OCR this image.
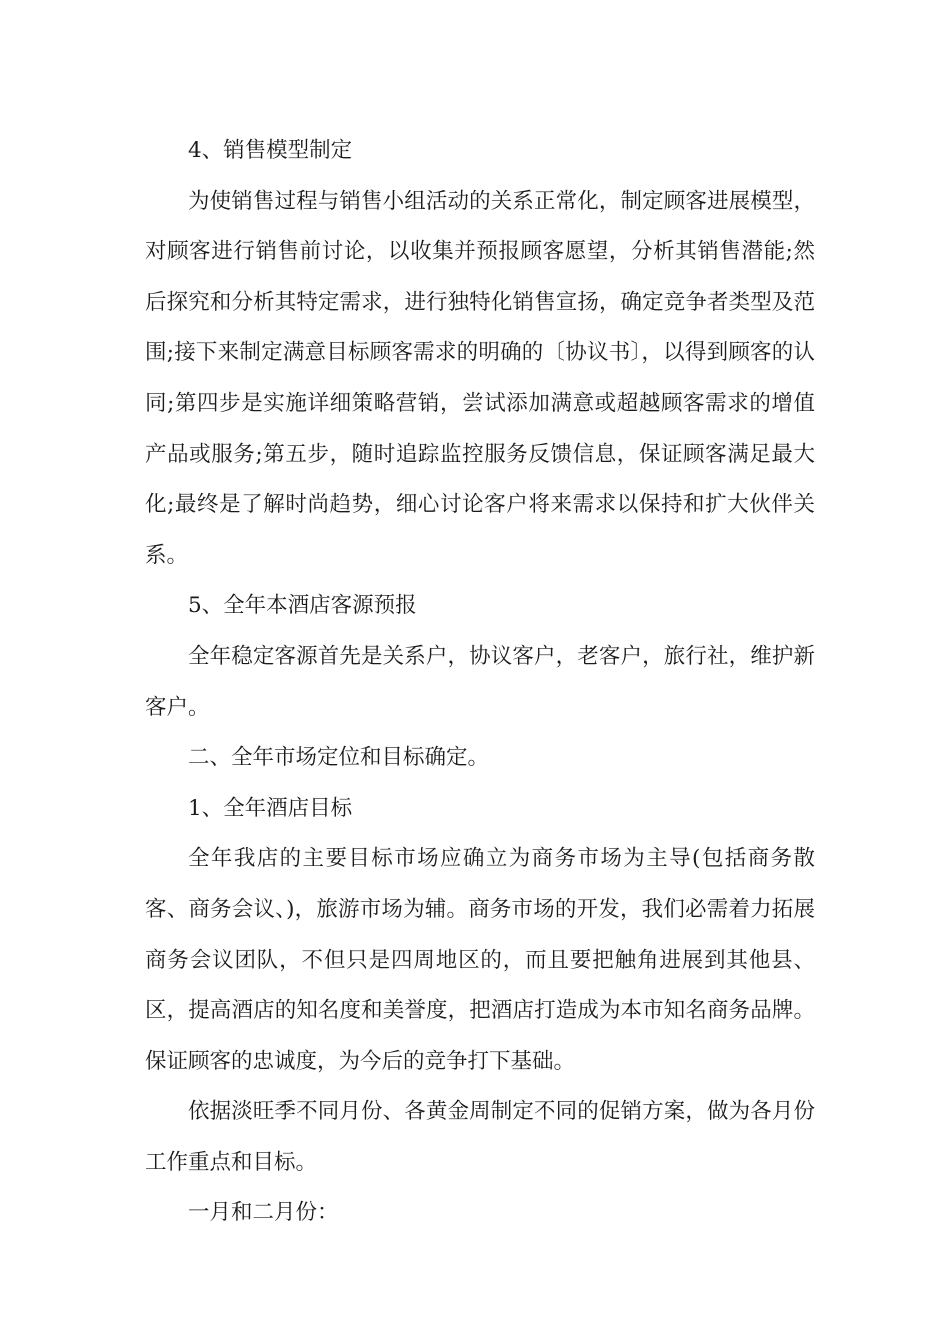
4、销售模型制定

为使销售过程与销售小组活动的关系正常化，制定顾客进展模型，对顾客进行销售前讨论，以收集并预报顾客愿望，分析其销售潜能;然后探究和分析其特定需求，进行独特化销售宣扬，确定竞争者类型及范围;接下来制定满意目标顾客需求的明确的〔协议书〕，以得到顾客的认同;第四步是实施详细策略营销，尝试添加满意或超越顾客需求的增值产品或服务;第五步，随时追踪监控服务反馈信息，保证顾客满足最大化;最终是了解时尚趋势，细心讨论客户将来需求以保持和扩大伙伴关系。

5、全年本酒店客源预报

全年稳定客源首先是关系户，协议客户，老客户，旅行社，维护新客户。

二、全年市场定位和目标确定。

1、全年酒店目标

全年我店的主要目标市场应确立为商务市场为主导(包括商务散客、商务会议、)，旅游市场为辅。商务市场的开发，我们必需着力拓展商务会议团队，不但只是四周地区的，而且要把触角进展到其他县、区，提高酒店的知名度和美誉度，把酒店打造成为本市知名商务品牌。保证顾客的忠诚度，为今后的竞争打下基础。

依据淡旺季不同月份、各黄金周制定不同的促销方案，做为各月份工作重点和目标。

一月和二月份：
